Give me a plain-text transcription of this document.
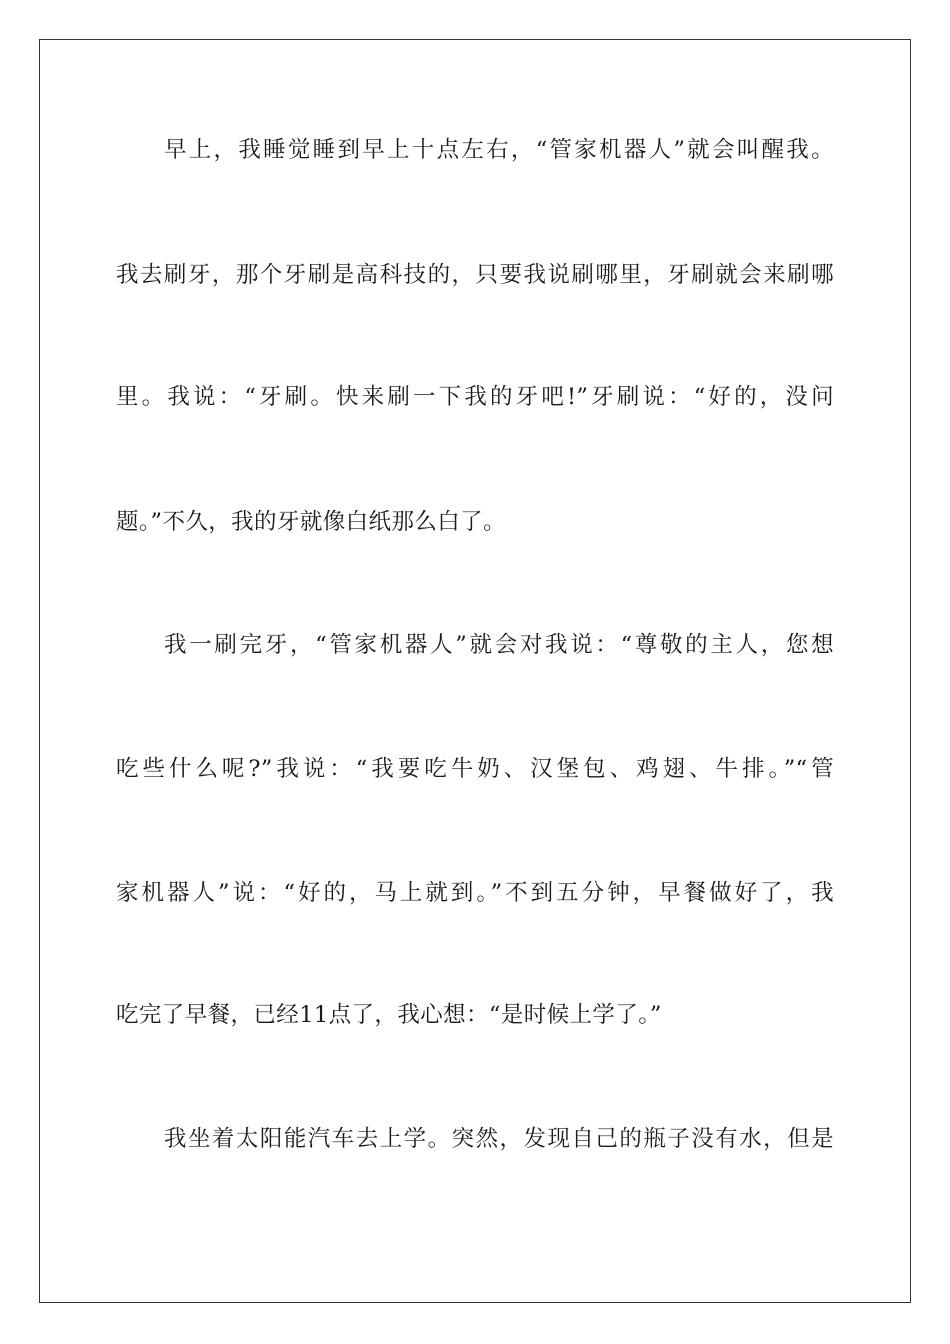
早上，我睡觉睡到早上十点左右，“管家机器人”就会叫醒我。
我去刷牙，那个牙刷是高科技的，只要我说刷哪里，牙刷就会来刷哪
里。我说：“牙刷。快来刷一下我的牙吧!”牙刷说：“好的，没问
题。”不久，我的牙就像白纸那么白了。
我一刷完牙，“管家机器人”就会对我说：“尊敬的主人，您想
吃些什么呢?”我说：“我要吃牛奶、汉堡包、鸡翅、牛排。”“管
家机器人”说：“好的，马上就到。”不到五分钟，早餐做好了，我
吃完了早餐，已经11点了，我心想：“是时候上学了。”
我坐着太阳能汽车去上学。突然，发现自己的瓶子没有水，但是
